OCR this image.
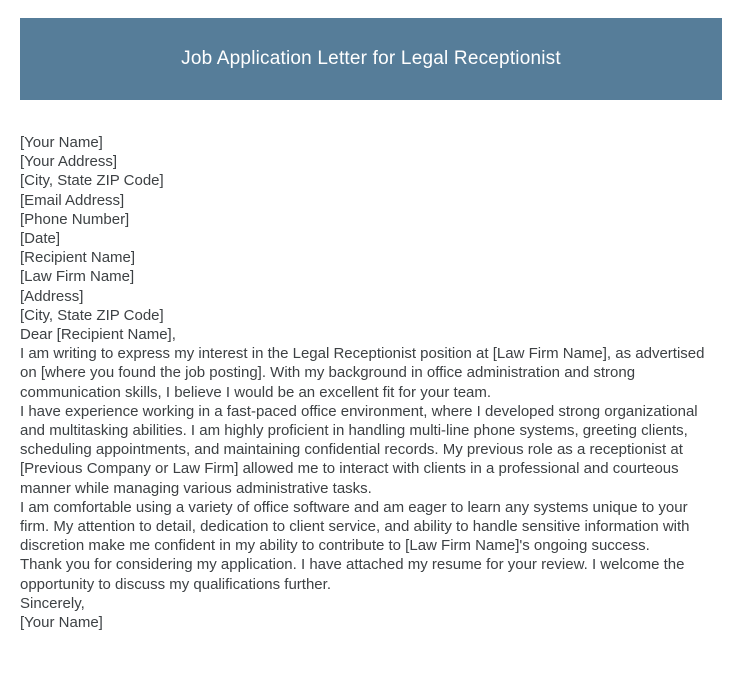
Job Application Letter for Legal Receptionist
[Your Name]
[Your Address]
[City, State ZIP Code]
[Email Address]
[Phone Number]
[Date]
[Recipient Name]
[Law Firm Name]
[Address]
[City, State ZIP Code]
Dear [Recipient Name],

I am writing to express my interest in the Legal Receptionist position at [Law Firm Name], as advertised on [where you found the job posting]. With my background in office administration and strong communication skills, I believe I would be an excellent fit for your team.

I have experience working in a fast-paced office environment, where I developed strong organizational and multitasking abilities. I am highly proficient in handling multi-line phone systems, greeting clients, scheduling appointments, and maintaining confidential records. My previous role as a receptionist at [Previous Company or Law Firm] allowed me to interact with clients in a professional and courteous manner while managing various administrative tasks.

I am comfortable using a variety of office software and am eager to learn any systems unique to your firm. My attention to detail, dedication to client service, and ability to handle sensitive information with discretion make me confident in my ability to contribute to [Law Firm Name]'s ongoing success.

Thank you for considering my application. I have attached my resume for your review. I welcome the opportunity to discuss my qualifications further.

Sincerely,
[Your Name]
